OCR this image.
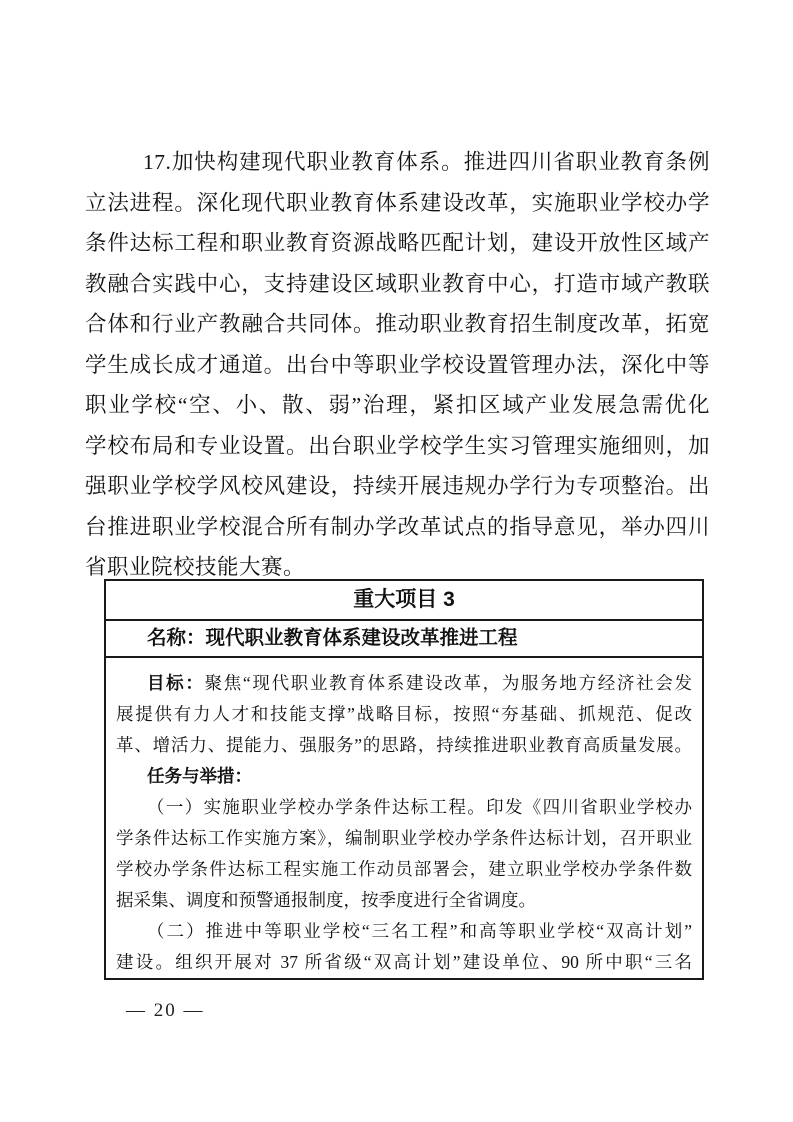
17.加快构建现代职业教育体系。推进四川省职业教育条例
立法进程。深化现代职业教育体系建设改革，实施职业学校办学
条件达标工程和职业教育资源战略匹配计划，建设开放性区域产
教融合实践中心，支持建设区域职业教育中心，打造市域产教联
合体和行业产教融合共同体。推动职业教育招生制度改革，拓宽
学生成长成才通道。出台中等职业学校设置管理办法，深化中等
职业学校“空、小、散、弱”治理，紧扣区域产业发展急需优化
学校布局和专业设置。出台职业学校学生实习管理实施细则，加
强职业学校学风校风建设，持续开展违规办学行为专项整治。出
台推进职业学校混合所有制办学改革试点的指导意见，举办四川
省职业院校技能大赛。
重大项目 3
名称：现代职业教育体系建设改革推进工程
目标：聚焦“现代职业教育体系建设改革，为服务地方经济社会发
展提供有力人才和技能支撑”战略目标，按照“夯基础、抓规范、促改
革、增活力、提能力、强服务”的思路，持续推进职业教育高质量发展。
任务与举措：
（一）实施职业学校办学条件达标工程。印发《四川省职业学校办
学条件达标工作实施方案》，编制职业学校办学条件达标计划，召开职业
学校办学条件达标工程实施工作动员部署会，建立职业学校办学条件数
据采集、调度和预警通报制度，按季度进行全省调度。
（二）推进中等职业学校“三名工程”和高等职业学校“双高计划”
建设。组织开展对 37 所省级“双高计划”建设单位、90 所中职“三名
— 20 —
